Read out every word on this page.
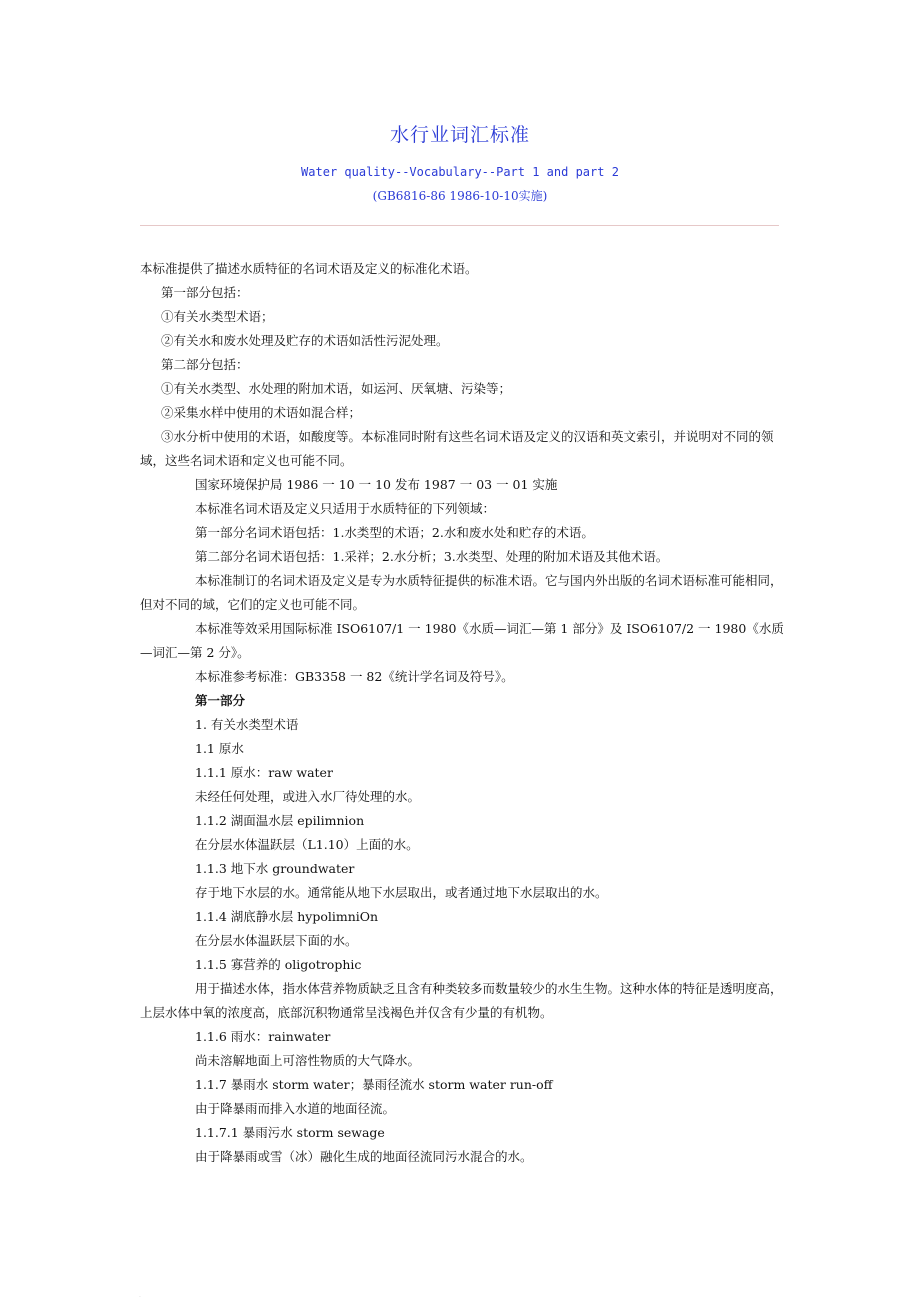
水行业词汇标准
Water quality--Vocabulary--Part 1 and part 2
(GB6816-86 1986-10-10实施)

本标准提供了描述水质特征的名词术语及定义的标准化术语。

第一部分包括：

①有关水类型术语；

②有关水和废水处理及贮存的术语如活性污泥处理。

第二部分包括：

①有关水类型、水处理的附加术语，如运河、厌氧塘、污染等；

②采集水样中使用的术语如混合样；

③水分析中使用的术语，如酸度等。本标准同时附有这些名词术语及定义的汉语和英文索引，并说明对不同的领域，这些名词术语和定义也可能不同。

国家环境保护局 1986 一 10 一 10 发布 1987 一 03 一 01 实施

本标准名词术语及定义只适用于水质特征的下列领域：

第一部分名词术语包括：1.水类型的术语；2.水和废水处和贮存的术语。

第二部分名词术语包括：1.采祥；2.水分析；3.水类型、处理的附加术语及其他术语。

本标准制订的名词术语及定义是专为水质特征提供的标准术语。它与国内外出版的名词术语标准可能相同，但对不同的域，它们的定义也可能不同。

本标准等效采用国际标准 ISO6107/1 一 1980《水质—词汇—第 1 部分》及 ISO6107/2 一 1980《水质—词汇—第 2 分》。

本标准参考标准：GB3358 一 82《统计学名词及符号》。

第一部分

1. 有关水类型术语

1.1 原水

1.1.1 原水：raw water

未经任何处理，或进入水厂待处理的水。

1.1.2 湖面温水层 epilimnion

在分层水体温跃层（L1.10）上面的水。

1.1.3 地下水 groundwater

存于地下水层的水。通常能从地下水层取出，或者通过地下水层取出的水。

1.1.4 湖底静水层 hypolimniOn

在分层水体温跃层下面的水。

1.1.5 寡营养的 oligotrophic

用于描述水体，指水体营养物质缺乏且含有种类较多而数量较少的水生生物。这种水体的特征是透明度高，上层水体中氧的浓度高，底部沉积物通常呈浅褐色并仅含有少量的有机物。

1.1.6 雨水：rainwater

尚未溶解地面上可溶性物质的大气降水。

1.1.7 暴雨水 storm water；暴雨径流水 storm water run-off

由于降暴雨而排入水道的地面径流。

1.1.7.1 暴雨污水 storm sewage

由于降暴雨或雪（冰）融化生成的地面径流同污水混合的水。

.
